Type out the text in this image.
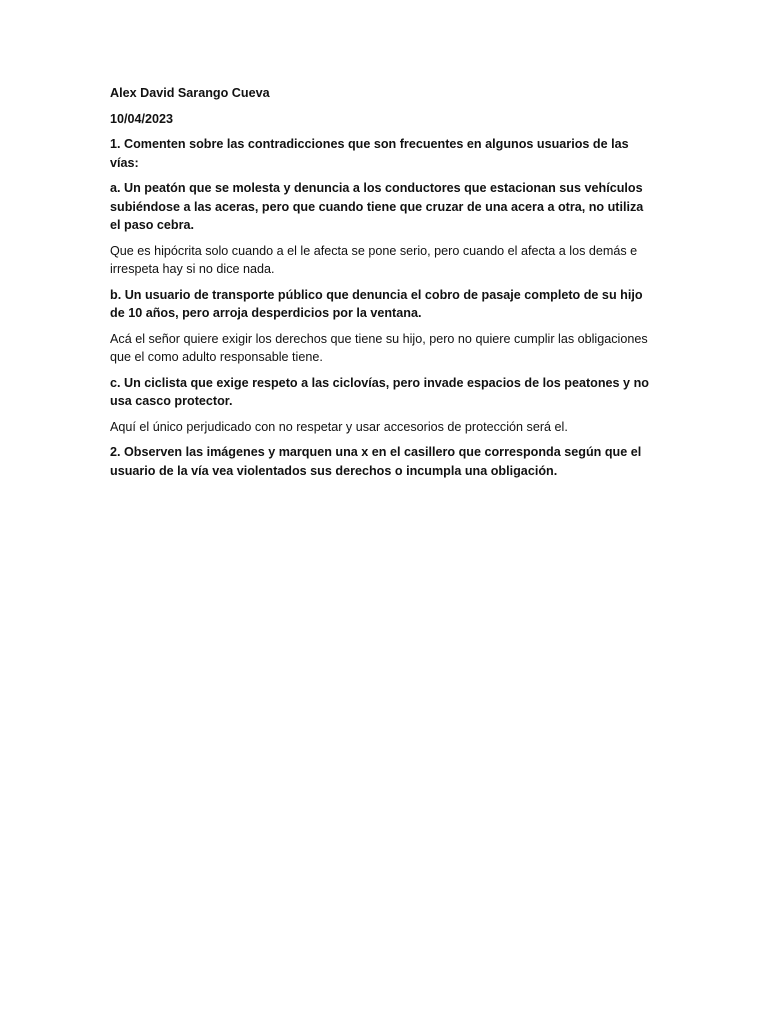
Alex David Sarango Cueva

10/04/2023

1. Comenten sobre las contradicciones que son frecuentes en algunos usuarios de las vías:

a. Un peatón que se molesta y denuncia a los conductores que estacionan sus vehículos subiéndose a las aceras, pero que cuando tiene que cruzar de una acera a otra, no utiliza el paso cebra.

Que es hipócrita solo cuando a el le afecta se pone serio, pero cuando el afecta a los demás e irrespeta hay si no dice nada.

b. Un usuario de transporte público que denuncia el cobro de pasaje completo de su hijo de 10 años, pero arroja desperdicios por la ventana.

Acá el señor quiere exigir los derechos que tiene su hijo, pero no quiere cumplir las obligaciones que el como adulto responsable tiene.

c. Un ciclista que exige respeto a las ciclovías, pero invade espacios de los peatones y no usa casco protector.

Aquí el único perjudicado con no respetar y usar accesorios de protección será el.

2. Observen las imágenes y marquen una x en el casillero que corresponda según que el usuario de la vía vea violentados sus derechos o incumpla una obligación.
